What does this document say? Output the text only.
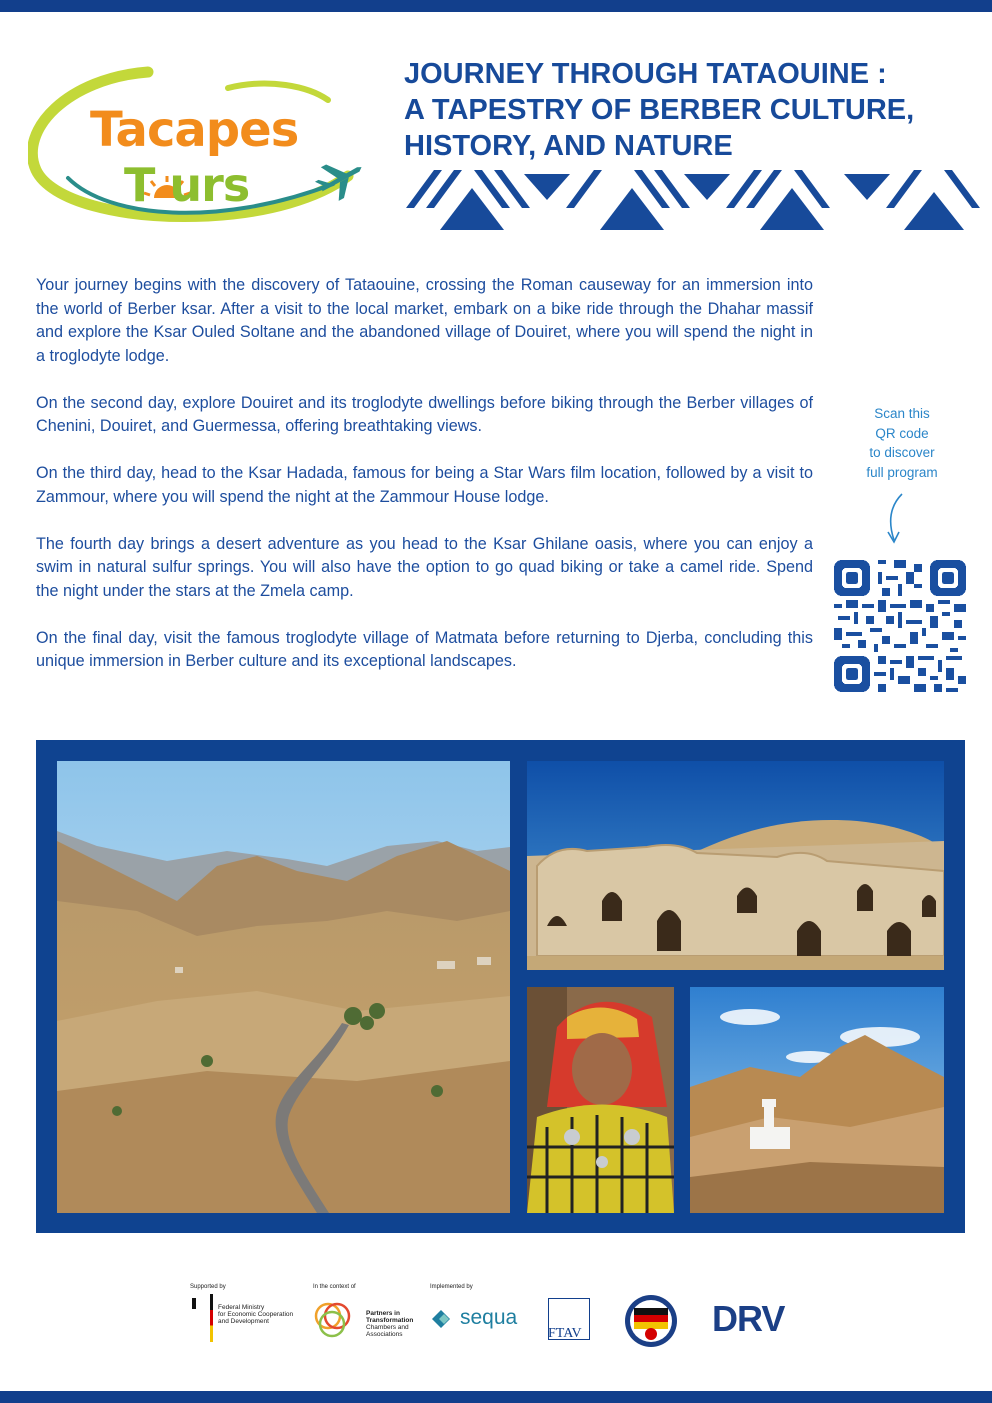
Tacapes
T urs
JOURNEY THROUGH TATAOUINE :
A TAPESTRY OF BERBER CULTURE,
HISTORY, AND NATURE

Your journey begins with the discovery of Tataouine, crossing the Roman causeway for an immersion into the world of Berber ksar. After a visit to the local market, embark on a bike ride through the Dhahar massif and explore the Ksar Ouled Soltane and the abandoned village of Douiret, where you will spend the night in a troglodyte lodge.

On the second day, explore Douiret and its troglodyte dwellings before biking through the Berber villages of Chenini, Douiret, and Guermessa, offering breathtaking views.

On the third day, head to the Ksar Hadada, famous for being a Star Wars film location, followed by a visit to Zammour, where you will spend the night at the Zammour House lodge.

The fourth day brings a desert adventure as you head to the Ksar Ghilane oasis, where you can enjoy a swim in natural sulfur springs. You will also have the option to go quad biking or take a camel ride. Spend the night under the stars at the Zmela camp.

On the final day, visit the famous troglodyte village of Matmata before returning to Djerba, concluding this unique immersion in Berber culture and its exceptional landscapes.

Scan this
QR code
to discover
full program
Supported by
Federal Ministry
for Economic Cooperation
and Development
In the context of
Partners in
Transformation
Chambers and
Associations
Implemented by
sequa
FTAV	DRV
